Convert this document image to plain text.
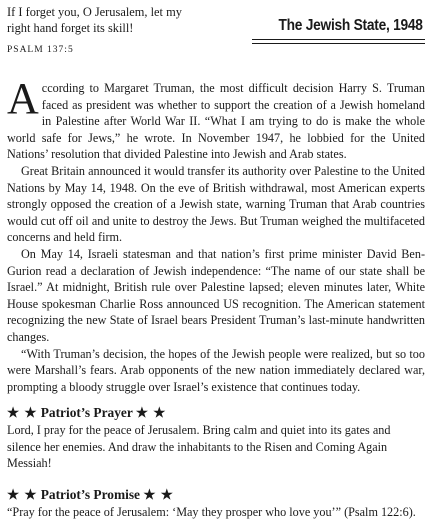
If I forget you, O Jerusalem, let my
right hand forget its skill!
PSALM 137:5
The Jewish State, 1948

According to Margaret Truman, the most difficult decision Harry S. Truman faced as president was whether to support the creation of a Jewish homeland in Palestine after World War II. “What I am trying to do is make the whole world safe for Jews,” he wrote. In November 1947, he lobbied for the United Nations’ resolution that divided Palestine into Jewish and Arab states.

Great Britain announced it would transfer its authority over Palestine to the United Nations by May 14, 1948. On the eve of British withdrawal, most American experts strongly opposed the creation of a Jewish state, warning Truman that Arab countries would cut off oil and unite to destroy the Jews. But Truman weighed the multifaceted concerns and held firm.

On May 14, Israeli statesman and that nation’s first prime minister David Ben-Gurion read a declaration of Jewish independence: “The name of our state shall be Israel.” At midnight, British rule over Palestine lapsed; eleven minutes later, White House spokesman Charlie Ross announced US recognition. The American statement recognizing the new State of Israel bears President Truman’s last-minute handwritten changes.

“With Truman’s decision, the hopes of the Jewish people were realized, but so too were Marshall’s fears. Arab opponents of the new nation immediately declared war, prompting a bloody struggle over Israel’s existence that continues today.

★ ★ Patriot’s Prayer ★ ★
Lord, I pray for the peace of Jerusalem. Bring calm and quiet into its gates and silence her enemies. And draw the inhabitants to the Risen and Coming Again Messiah!
★ ★ Patriot’s Promise ★ ★
“Pray for the peace of Jerusalem: ‘May they prosper who love you’” (Psalm 122:6).
